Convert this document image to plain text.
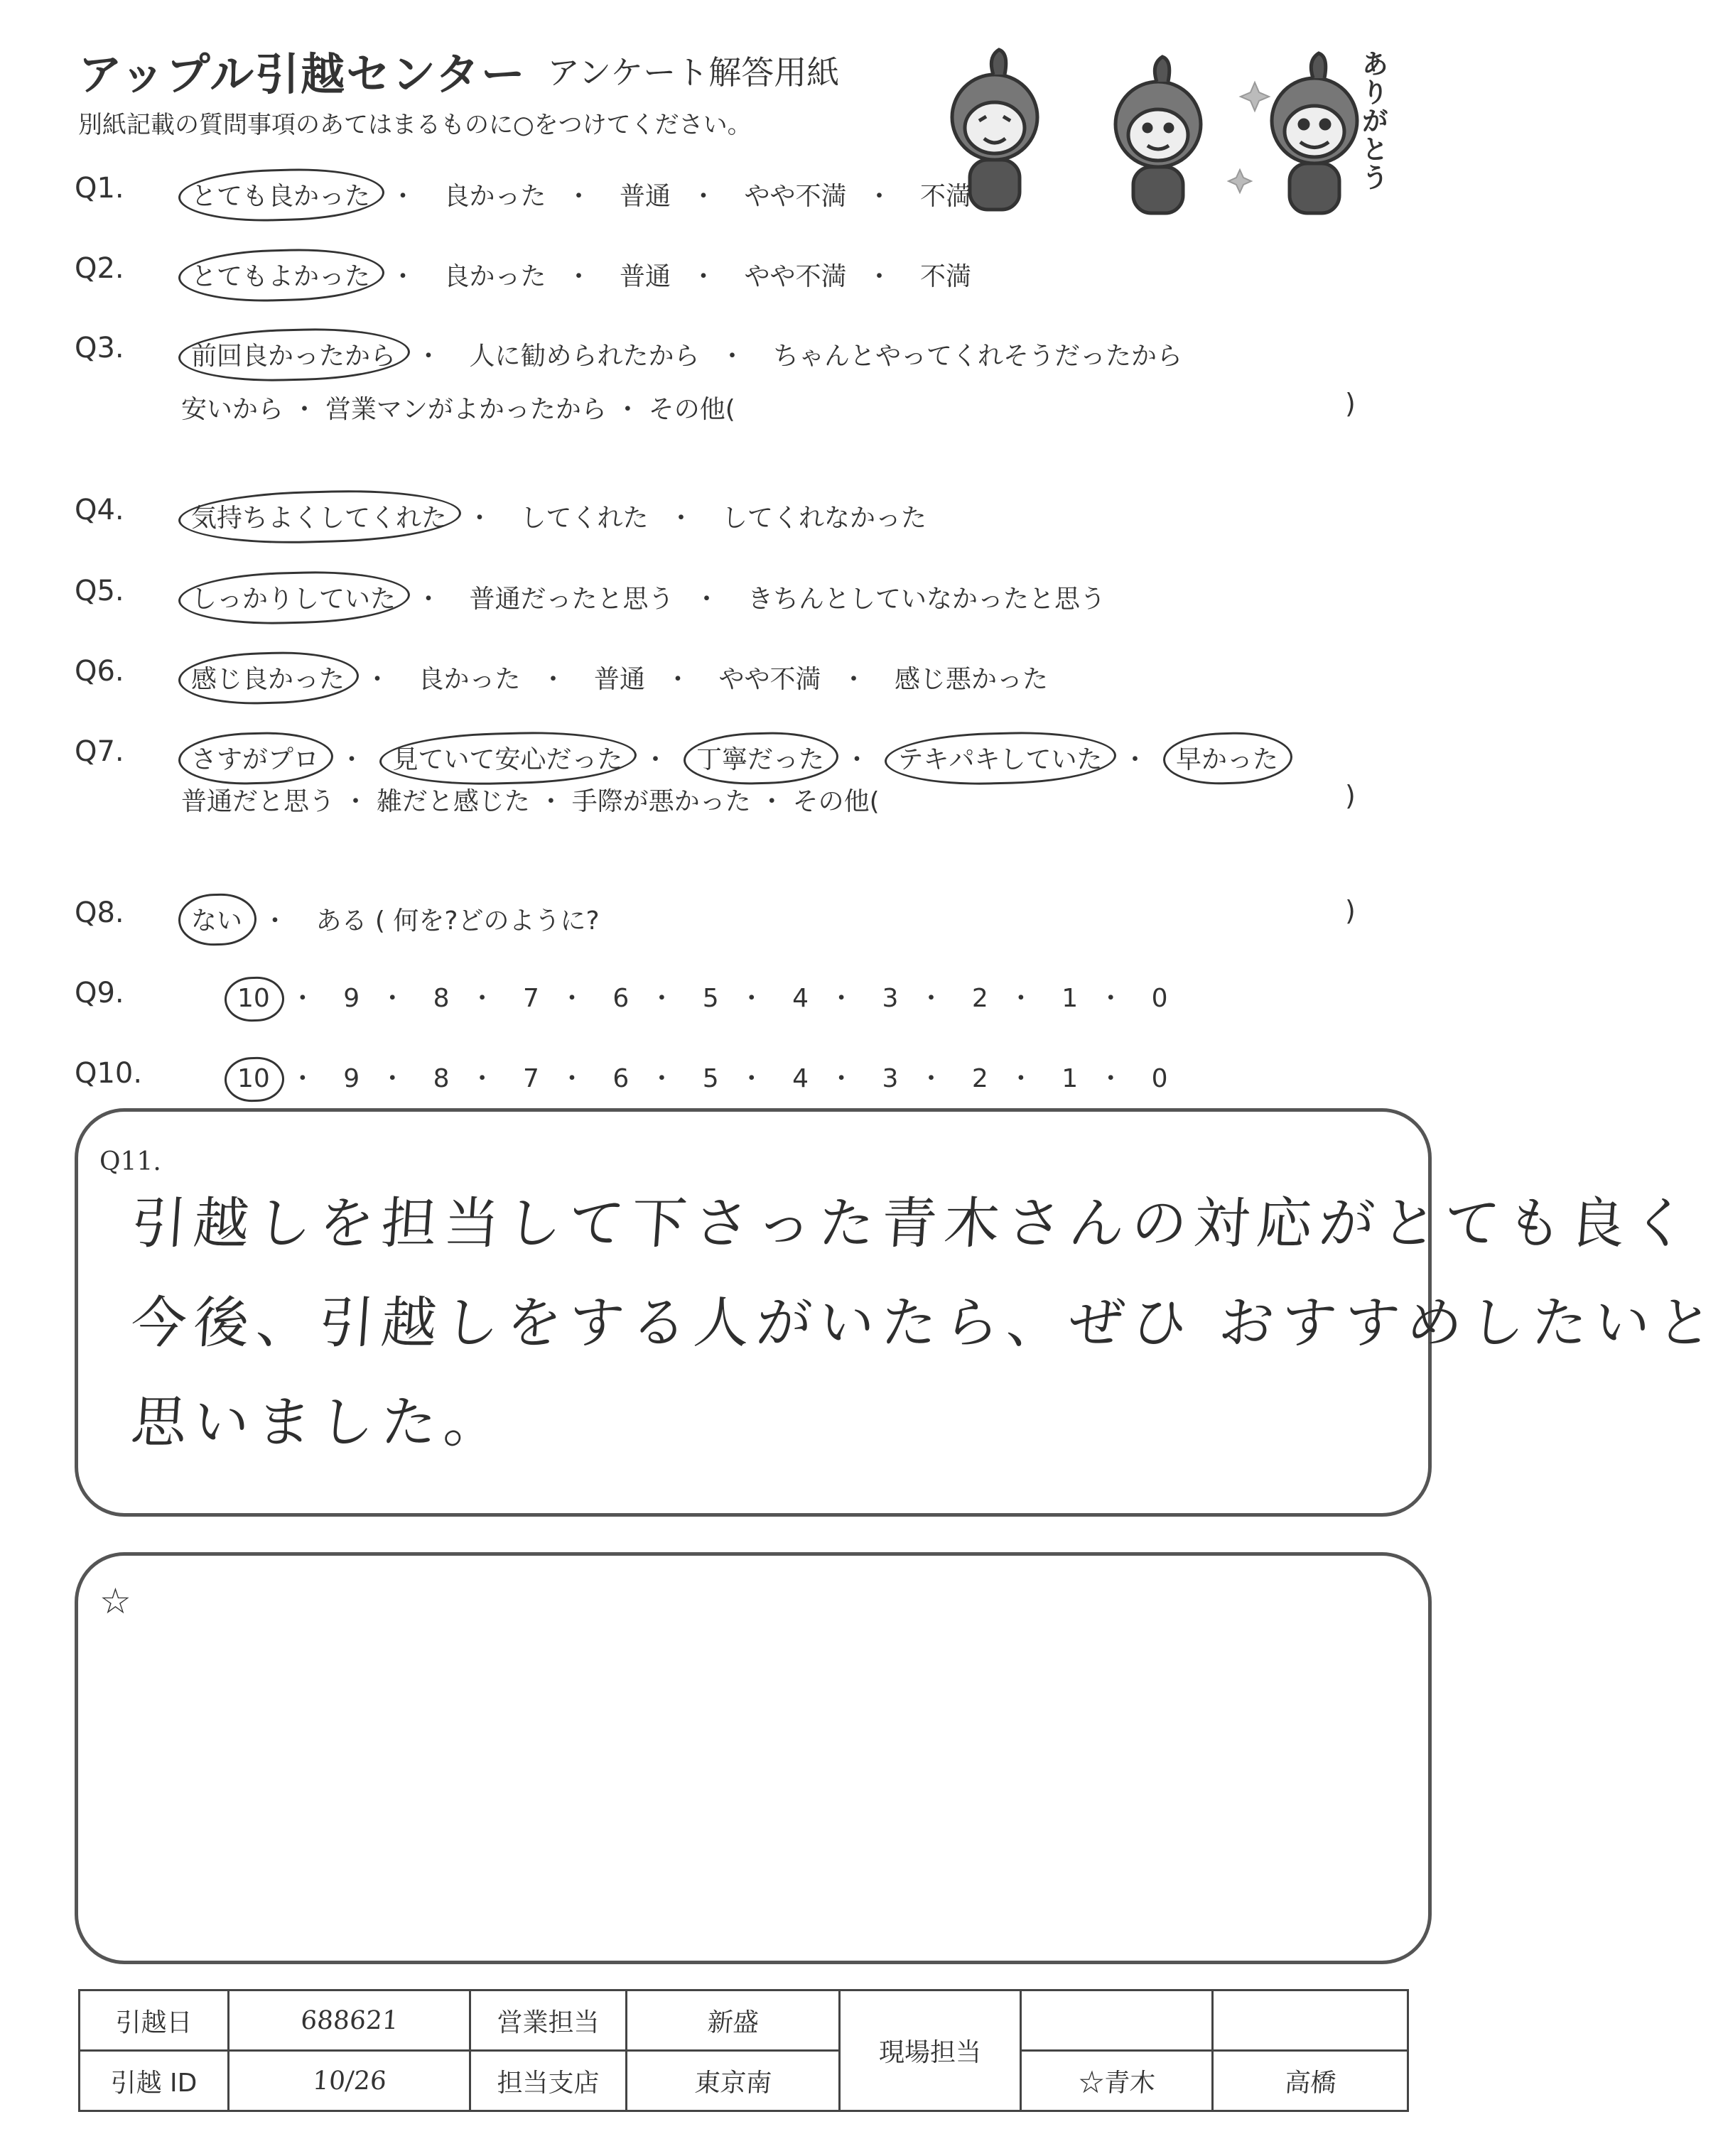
アップル引越センター アンケート解答用紙
別紙記載の質問事項のあてはまるものに○をつけてください。	ありがとう
Q1.	とても良かった ・ 良かった ・ 普通 ・ やや不満 ・ 不満
Q2.	とてもよかった ・ 良かった ・ 普通 ・ やや不満 ・ 不満
Q3.	前回良かったから ・ 人に勧められたから ・ ちゃんとやってくれそうだったから
安いから ・ 営業マンがよかったから ・ その他(	)
Q4.	気持ちよくしてくれた ・ してくれた ・ してくれなかった
Q5.	しっかりしていた ・ 普通だったと思う ・ きちんとしていなかったと思う
Q6.	感じ良かった ・ 良かった ・ 普通 ・ やや不満 ・ 感じ悪かった
Q7.	さすがプロ ・ 見ていて安心だった ・ 丁寧だった ・ テキパキしていた ・ 早かった
普通だと思う ・ 雑だと感じた ・ 手際が悪かった ・ その他(	)
Q8.	ない ・ ある ( 何を?どのように?	)
Q9.	10 ・ 9 ・ 8 ・ 7 ・ 6 ・ 5 ・ 4 ・ 3 ・ 2 ・ 1 ・ 0
Q10.	10 ・ 9 ・ 8 ・ 7 ・ 6 ・ 5 ・ 4 ・ 3 ・ 2 ・ 1 ・ 0
Q11.
引越しを担当して下さった青木さんの対応がとても良く
今後、引越しをする人がいたら、ぜひ おすすめしたいと
思いました。
☆
引越日	688621	営業担当	新盛	現場担当		
引越 ID	10/26	担当支店	東京南		☆青木	高橋
